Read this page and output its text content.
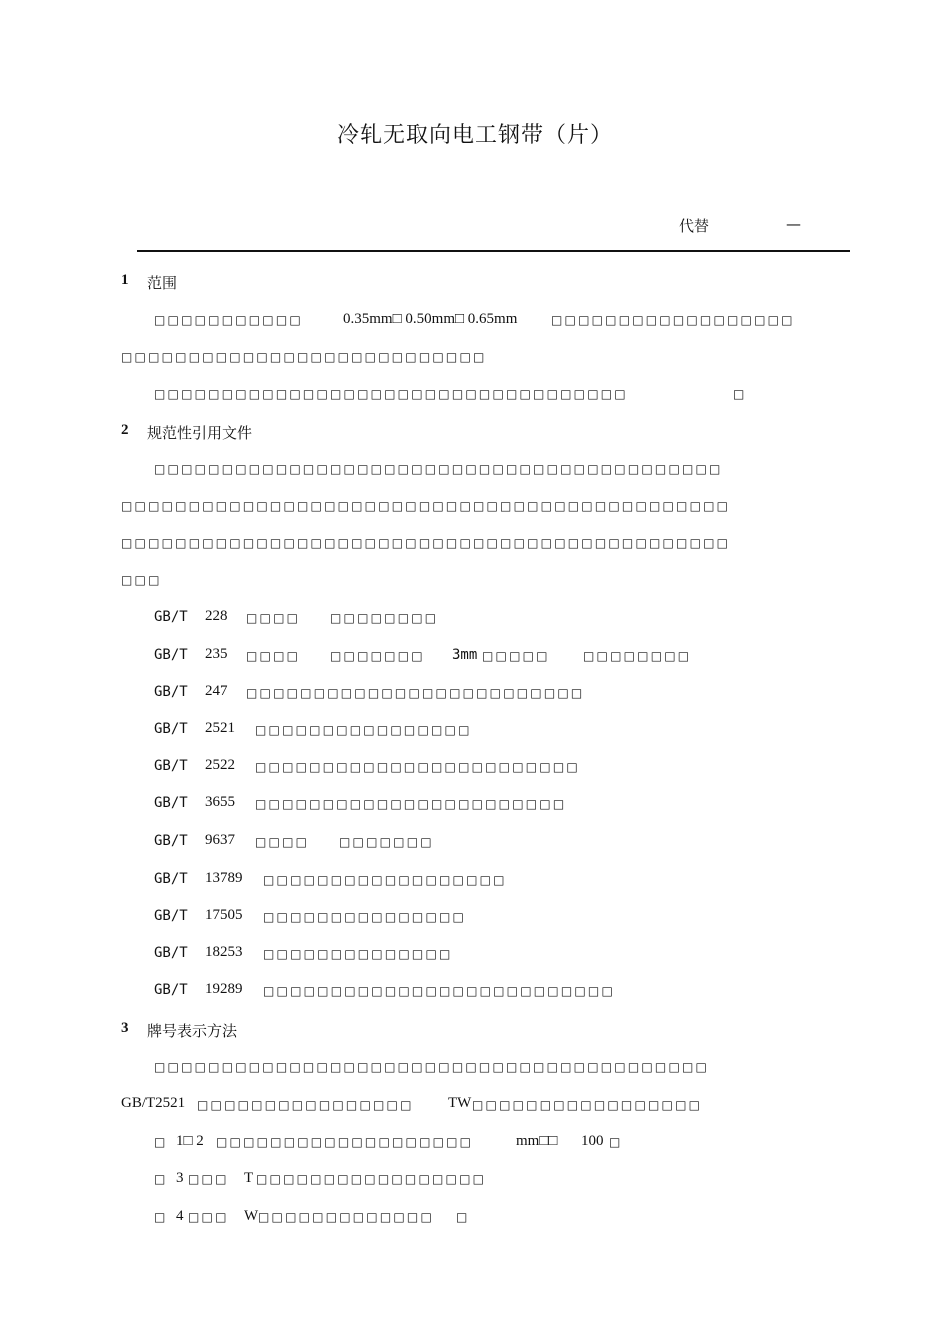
冷轧无取向电工钢带（片）
代替	—
1 范围
□□□□□□□□□□□	0.35mm□ 0.50mm□ 0.65mm	□□□□□□□□□□□□□□□□□□
□□□□□□□□□□□□□□□□□□□□□□□□□□□
□□□□□□□□□□□□□□□□□□□□□□□□□□□□□□□□□□□	□
2 规范性引用文件
□□□□□□□□□□□□□□□□□□□□□□□□□□□□□□□□□□□□□□□□□□
□□□□□□□□□□□□□□□□□□□□□□□□□□□□□□□□□□□□□□□□□□□□□
□□□□□□□□□□□□□□□□□□□□□□□□□□□□□□□□□□□□□□□□□□□□□
□□□
GB/T 228 □□□□ □□□□□□□□
GB/T 235 □□□□ □□□□□□□ 3mm □□□□□	□□□□□□□□
GB/T 247 □□□□□□□□□□□□□□□□□□□□□□□□□
GB/T 2521 □□□□□□□□□□□□□□□□
GB/T 2522 □□□□□□□□□□□□□□□□□□□□□□□□
GB/T 3655 □□□□□□□□□□□□□□□□□□□□□□□
GB/T 9637 □□□□ □□□□□□□
GB/T 13789 □□□□□□□□□□□□□□□□□□
GB/T 17505 □□□□□□□□□□□□□□□
GB/T 18253 □□□□□□□□□□□□□□
GB/T 19289 □□□□□□□□□□□□□□□□□□□□□□□□□□
3 牌号表示方法
□□□□□□□□□□□□□□□□□□□□□□□□□□□□□□□□□□□□□□□□□
GB/T2521 □□□□□□□□□□□□□□□□ TW □□□□□□□□□□□□□□□□□
□ 1□ 2 □□□□□□□□□□□□□□□□□□□	mm□□ 100 □
□ 3 □□□ T □□□□□□□□□□□□□□□□□
□ 4 □□□ W □□□□□□□□□□□□□ □
